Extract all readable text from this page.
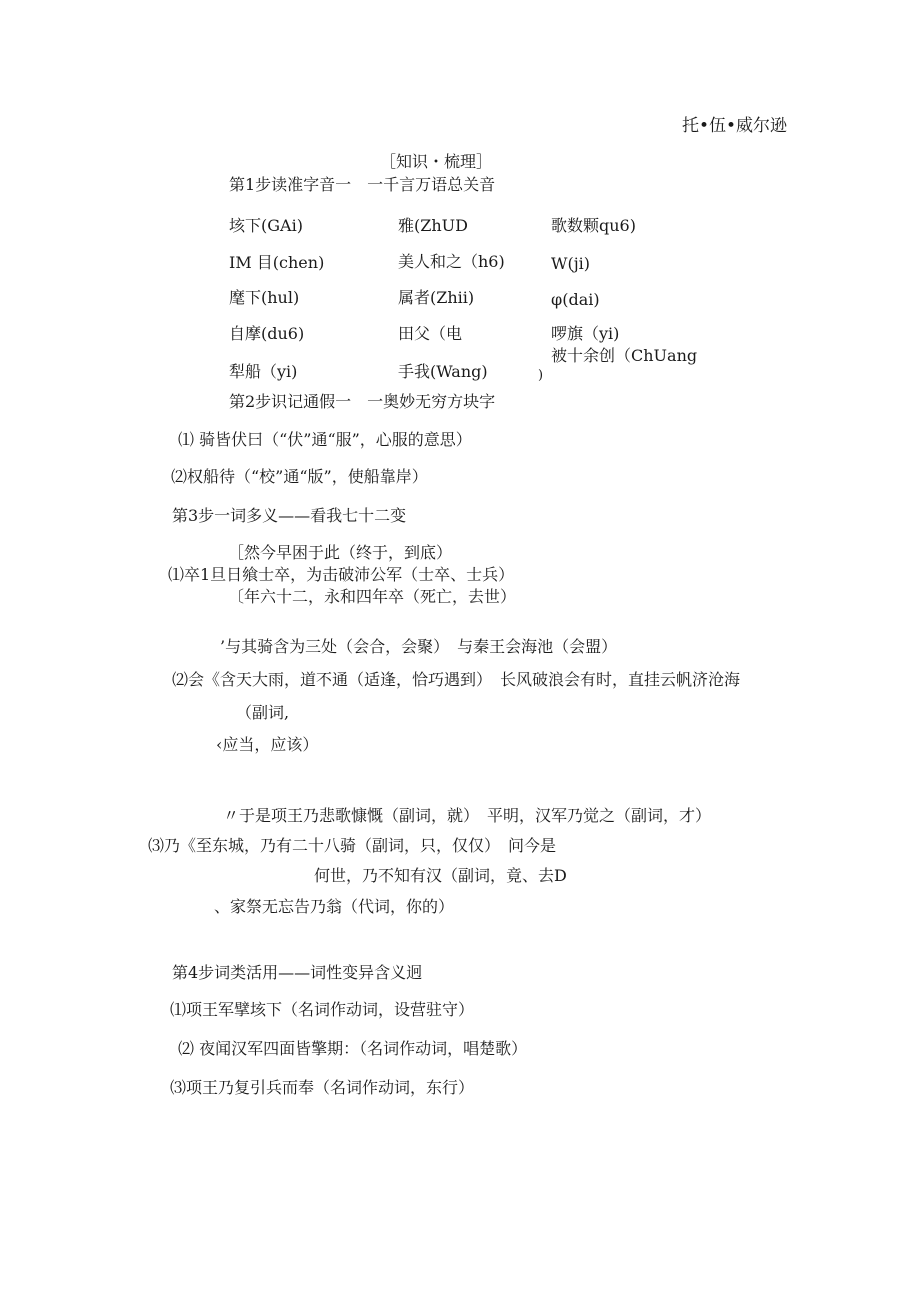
托•伍•威尔逊
［知识・梳理］
第1步读准字音一　一千言万语总关音
垓下(GAi)
IM 目(chen)
麾下(hul)
自摩(du6)
犁船（yi)
雅(ZhUD
美人和之（h6)
属者(Zhii)
田父（电
手我(Wang)
歌数颗qu6)
W(ji)
φ(dai)
啰旗（yi)
被十余创（ChUang
)
第2步识记通假一　一奥妙无穷方块字
⑴ 骑皆伏曰（“伏”通“服”，心服的意思）
⑵权船待（“校”通“版”，使船靠岸）
第3步一词多义——看我七十二变
［然今早困于此（终于，到底）
⑴卒1旦日飨士卒，为击破沛公军（士卒、士兵）
〔年六十二，永和四年卒（死亡，去世）
’与其骑含为三处（会合，会聚）　与秦王会海池（会盟）
⑵会《含天大雨，道不通（适逢，恰巧遇到）　长风破浪会有时，直挂云帆济沧海
（副词,
‹应当，应该）
〃于是项王乃悲歌慷慨（副词，就）　平明，汉军乃觉之（副词，才）
⑶乃《至东城，乃有二十八骑（副词，只，仅仅）　问今是
何世，乃不知有汉（副词，竟、去D
、家祭无忘告乃翁（代词，你的）
第4步词类活用——词性变异含义迥
⑴项王军擘垓下（名词作动词，设营驻守）
⑵ 夜闻汉军四面皆擎期：（名词作动词，唱楚歌）
⑶项王乃复引兵而奉（名词作动词，东行）
